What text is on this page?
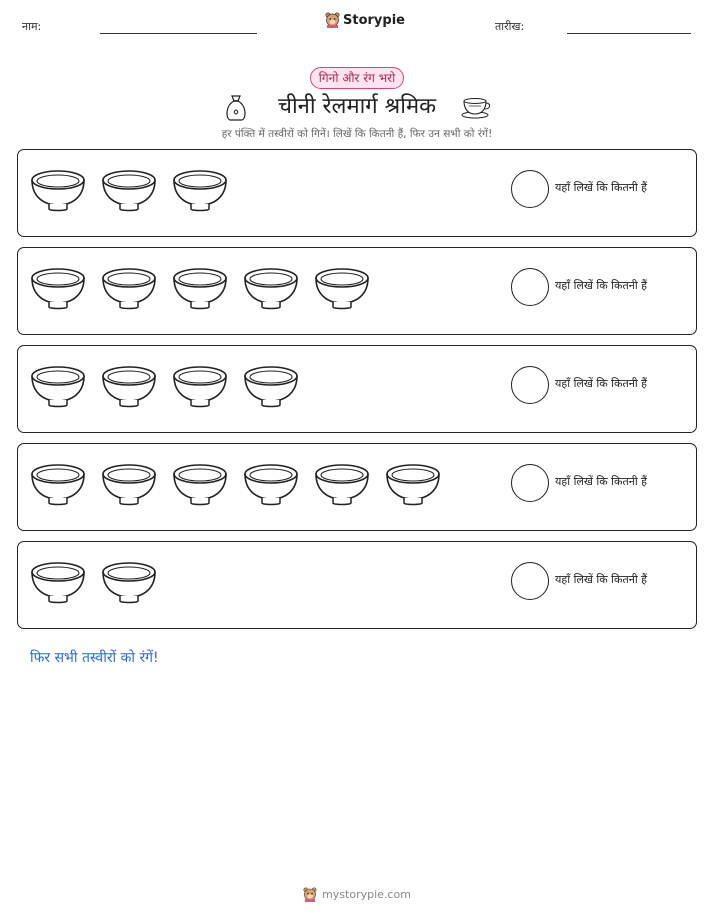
नाम:	Storypie	तारीख:
गिनो और रंग भरो
चीनी रेलमार्ग श्रमिक
हर पंक्ति में तस्वीरों को गिनें। लिखें कि कितनी हैं, फिर उन सभी को रंगें!
यहाँ लिखें कि कितनी हैं
यहाँ लिखें कि कितनी हैं
यहाँ लिखें कि कितनी हैं
यहाँ लिखें कि कितनी हैं
यहाँ लिखें कि कितनी हैं
फिर सभी तस्वीरों को रंगें!
mystorypie.com
